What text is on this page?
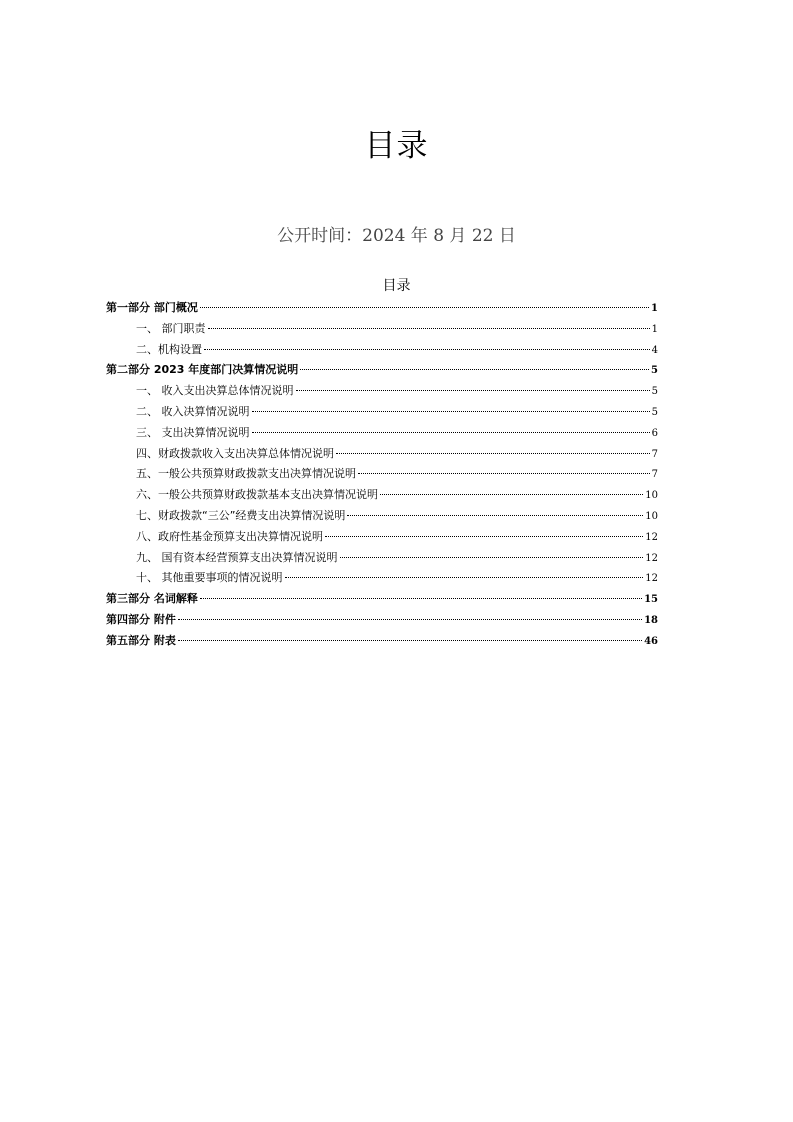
目录
公开时间：2024 年 8 月 22 日
目录
第一部分 部门概况	1
一、 部门职责	1
二、机构设置	4
第二部分 2023 年度部门决算情况说明	5
一、 收入支出决算总体情况说明	5
二、 收入决算情况说明	5
三、 支出决算情况说明	6
四、财政拨款收入支出决算总体情况说明	7
五、一般公共预算财政拨款支出决算情况说明	7
六、一般公共预算财政拨款基本支出决算情况说明	10
七、财政拨款“三公”经费支出决算情况说明	10
八、政府性基金预算支出决算情况说明	12
九、 国有资本经营预算支出决算情况说明	12
十、 其他重要事项的情况说明	12
第三部分 名词解释	15
第四部分 附件	18
第五部分 附表	46
